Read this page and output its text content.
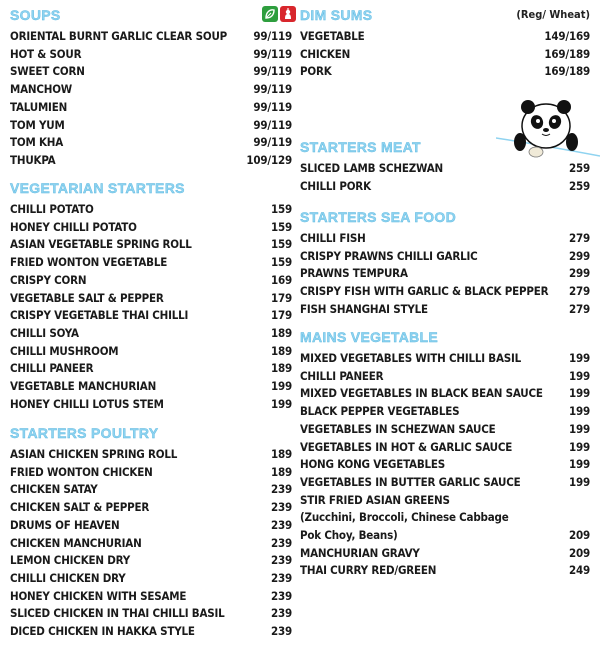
SOUPS
ORIENTAL BURNT GARLIC CLEAR SOUP 99/119
HOT & SOUR	99/119
SWEET CORN	99/119
MANCHOW	99/119
TALUMIEN	99/119
TOM YUM	99/119
TOM KHA	99/119
THUKPA	109/129
VEGETARIAN STARTERS
CHILLI POTATO	159
HONEY CHILLI POTATO	159
ASIAN VEGETABLE SPRING ROLL	159
FRIED WONTON VEGETABLE	159
CRISPY CORN	169
VEGETABLE SALT & PEPPER	179
CRISPY VEGETABLE THAI CHILLI	179
CHILLI SOYA	189
CHILLI MUSHROOM	189
CHILLI PANEER	189
VEGETABLE MANCHURIAN	199
HONEY CHILLI LOTUS STEM	199
STARTERS POULTRY
ASIAN CHICKEN SPRING ROLL	189
FRIED WONTON CHICKEN	189
CHICKEN SATAY	239
CHICKEN SALT & PEPPER	239
DRUMS OF HEAVEN	239
CHICKEN MANCHURIAN	239
LEMON CHICKEN DRY	239
CHILLI CHICKEN DRY	239
HONEY CHICKEN WITH SESAME	239
SLICED CHICKEN IN THAI CHILLI BASIL	239
DICED CHICKEN IN HAKKA STYLE	239
(Reg/ Wheat)
DIM SUMS
VEGETABLE	149/169
CHICKEN	169/189
PORK	169/189
STARTERS MEAT
SLICED LAMB SCHEZWAN	259
CHILLI PORK	259
STARTERS SEA FOOD
CHILLI FISH	279
CRISPY PRAWNS CHILLI GARLIC	299
PRAWNS TEMPURA	299
CRISPY FISH WITH GARLIC & BLACK PEPPER 279
FISH SHANGHAI STYLE	279
MAINS VEGETABLE
MIXED VEGETABLES WITH CHILLI BASIL	199
CHILLI PANEER	199
MIXED VEGETABLES IN BLACK BEAN SAUCE 199
BLACK PEPPER VEGETABLES	199
VEGETABLES IN SCHEZWAN SAUCE	199
VEGETABLES IN HOT & GARLIC SAUCE	199
HONG KONG VEGETABLES	199
VEGETABLES IN BUTTER GARLIC SAUCE	199
STIR FRIED ASIAN GREENS
(Zucchini, Broccoli, Chinese Cabbage
Pok Choy, Beans)	209
MANCHURIAN GRAVY	209
THAI CURRY RED/GREEN	249
